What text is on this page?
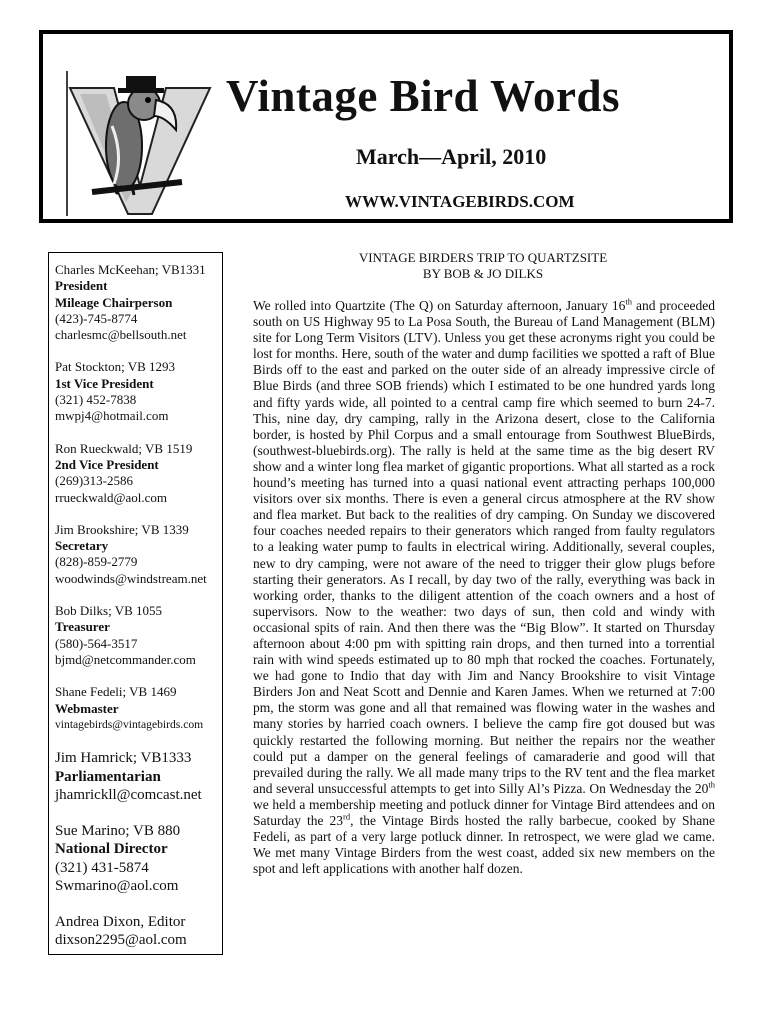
Vintage Bird Words
March—April, 2010
WWW.VINTAGEBIRDS.COM
Charles McKeehan; VB1331
President
Mileage Chairperson
(423)-745-8774
charlesmc@bellsouth.net
Pat Stockton; VB 1293
1st Vice President
(321) 452-7838
mwpj4@hotmail.com
Ron Rueckwald; VB 1519
2nd Vice President
(269)313-2586
rrueckwald@aol.com
Jim Brookshire; VB 1339
Secretary
(828)-859-2779
woodwinds@windstream.net
Bob Dilks; VB 1055
Treasurer
(580)-564-3517
bjmd@netcommander.com
Shane Fedeli; VB 1469
Webmaster
vintagebirds@vintagebirds.com
Jim Hamrick; VB1333
Parliamentarian
jhamrickll@comcast.net
Sue Marino; VB 880
National Director
(321) 431-5874
Swmarino@aol.com
Andrea Dixon, Editor
dixson2295@aol.com
VINTAGE BIRDERS TRIP TO QUARTZSITE
BY BOB & JO DILKS

We rolled into Quartzite (The Q) on Saturday afternoon, January 16th and proceeded south on US Highway 95 to La Posa South, the Bureau of Land Management (BLM) site for Long Term Visitors (LTV). Unless you get these acronyms right you could be lost for months. Here, south of the water and dump facilities we spotted a raft of Blue Birds off to the east and parked on the outer side of an already impressive circle of Blue Birds (and three SOB friends) which I estimated to be one hundred yards long and fifty yards wide, all pointed to a central camp fire which seemed to burn 24-7. This, nine day, dry camping, rally in the Arizona desert, close to the California border, is hosted by Phil Corpus and a small entourage from Southwest BlueBirds, (southwest-bluebirds.org). The rally is held at the same time as the big desert RV show and a winter long flea market of gigantic proportions. What all started as a rock hound’s meeting has turned into a quasi national event attracting perhaps 100,000 visitors over six months. There is even a general circus atmosphere at the RV show and flea market. But back to the realities of dry camping. On Sunday we discovered four coaches needed repairs to their generators which ranged from faulty regulators to a leaking water pump to faults in electrical wiring. Additionally, several couples, new to dry camping, were not aware of the need to trigger their glow plugs before starting their generators. As I recall, by day two of the rally, everything was back in working order, thanks to the diligent attention of the coach owners and a host of supervisors. Now to the weather: two days of sun, then cold and windy with occasional spits of rain. And then there was the “Big Blow”. It started on Thursday afternoon about 4:00 pm with spitting rain drops, and then turned into a torrential rain with wind speeds estimated up to 80 mph that rocked the coaches. Fortunately, we had gone to Indio that day with Jim and Nancy Brookshire to visit Vintage Birders Jon and Neat Scott and Dennie and Karen James. When we returned at 7:00 pm, the storm was gone and all that remained was flowing water in the washes and many stories by harried coach owners. I believe the camp fire got doused but was quickly restarted the following morning. But neither the repairs nor the weather could put a damper on the general feelings of camaraderie and good will that prevailed during the rally. We all made many trips to the RV tent and the flea market and several unsuccessful attempts to get into Silly Al’s Pizza. On Wednesday the 20th we held a membership meeting and potluck dinner for Vintage Bird attendees and on Saturday the 23rd, the Vintage Birds hosted the rally barbecue, cooked by Shane Fedeli, as part of a very large potluck dinner. In retrospect, we were glad we came. We met many Vintage Birders from the west coast, added six new members on the spot and left applications with another half dozen.
